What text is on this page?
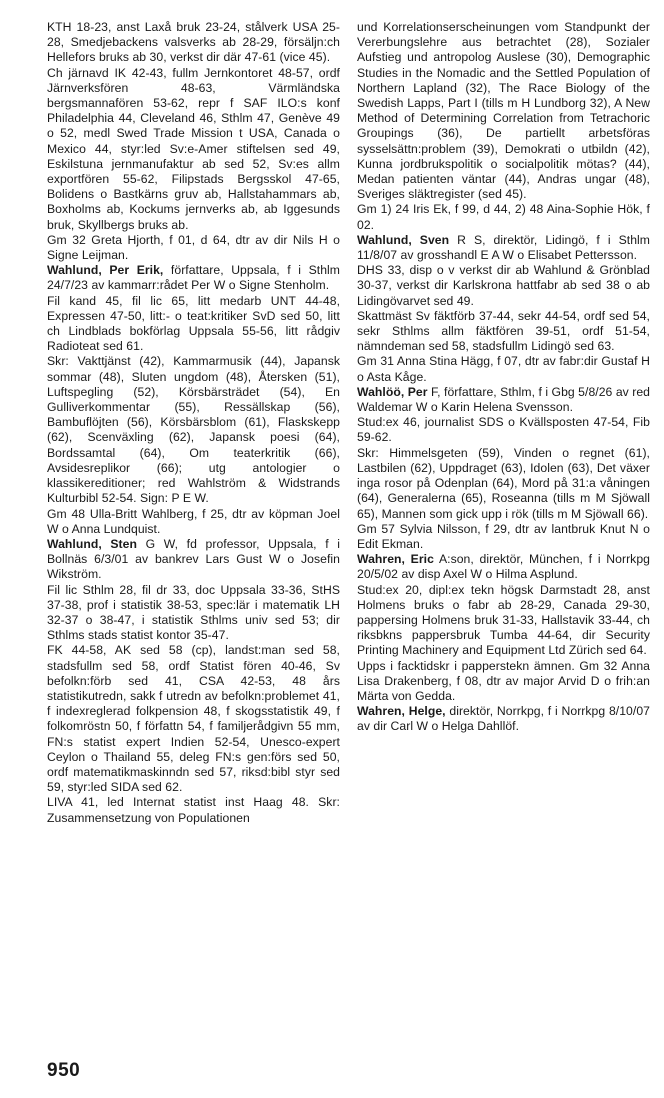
KTH 18-23, anst Laxå bruk 23-24, stålverk USA 25-28, Smedjebackens valsverks ab 28-29, försäljn:ch Hellefors bruks ab 30, verkst dir där 47-61 (vice 45).

Ch järnavd IK 42-43, fullm Jernkontoret 48-57, ordf Järnverksfören 48-63, Värmländska bergsmannafören 53-62, repr f SAF ILO:s konf Philadelphia 44, Cleveland 46, Sthlm 47, Genève 49 o 52, medl Swed Trade Mission t USA, Canada o Mexico 44, styr:led Sv:e-Amer stiftelsen sed 49, Eskilstuna jernmanufaktur ab sed 52, Sv:es allm exportfören 55-62, Filipstads Bergsskol 47-65, Bolidens o Bastkärns gruv ab, Hallstahammars ab, Boxholms ab, Kockums jernverks ab, ab Iggesunds bruk, Skyllbergs bruks ab.

Gm 32 Greta Hjorth, f 01, d 64, dtr av dir Nils H o Signe Leijman.

Wahlund, Per Erik, författare, Uppsala, f i Sthlm 24/7/23 av kammarr:rådet Per W o Signe Stenholm.

Fil kand 45, fil lic 65, litt medarb UNT 44-48, Expressen 47-50, litt:- o teat:kritiker SvD sed 50, litt ch Lindblads bokförlag Uppsala 55-56, litt rådgiv Radioteat sed 61.

Skr: Vakttjänst (42), Kammarmusik (44), Japansk sommar (48), Sluten ungdom (48), Återsken (51), Luftspegling (52), Körsbärsträdet (54), En Gulliverkommentar (55), Ressällskap (56), Bambuflöjten (56), Körsbärsblom (61), Flaskskepp (62), Scenväxling (62), Japansk poesi (64), Bordssamtal (64), Om teaterkritik (66), Avsidesreplikor (66); utg antologier o klassikereditioner; red Wahlström & Widstrands Kulturbibl 52-54. Sign: P E W.

Gm 48 Ulla-Britt Wahlberg, f 25, dtr av köpman Joel W o Anna Lundquist.

Wahlund, Sten G W, fd professor, Uppsala, f i Bollnäs 6/3/01 av bankrev Lars Gust W o Josefin Wikström.

Fil lic Sthlm 28, fil dr 33, doc Uppsala 33-36, StHS 37-38, prof i statistik 38-53, spec:lär i matematik LH 32-37 o 38-47, i statistik Sthlms univ sed 53; dir Sthlms stads statist kontor 35-47.

FK 44-58, AK sed 58 (cp), landst:man sed 58, stadsfullm sed 58, ordf Statist fören 40-46, Sv befolkn:förb sed 41, CSA 42-53, 48 års statistikutredn, sakk f utredn av befolkn:problemet 41, f indexreglerad folkpension 48, f skogsstatistik 49, f folkomröstn 50, f författn 54, f familjerådgivn 55 mm, FN:s statist expert Indien 52-54, Unesco-expert Ceylon o Thailand 55, deleg FN:s gen:förs sed 50, ordf matematikmaskinndn sed 57, riksd:bibl styr sed 59, styr:led SIDA sed 62.

LIVA 41, led Internat statist inst Haag 48. Skr: Zusammensetzung von Populationen

und Korrelationserscheinungen vom Standpunkt der Vererbungslehre aus betrachtet (28), Sozialer Aufstieg und antropolog Auslese (30), Demographic Studies in the Nomadic and the Settled Population of Northern Lapland (32), The Race Biology of the Swedish Lapps, Part I (tills m H Lundborg 32), A New Method of Determining Correlation from Tetrachoric Groupings (36), De partiellt arbetsföras sysselsättn:problem (39), Demokrati o utbildn (42), Kunna jordbrukspolitik o socialpolitik mötas? (44), Medan patienten väntar (44), Andras ungar (48), Sveriges släktregister (sed 45).

Gm 1) 24 Iris Ek, f 99, d 44, 2) 48 Aina-Sophie Hök, f 02.

Wahlund, Sven R S, direktör, Lidingö, f i Sthlm 11/8/07 av grosshandl E A W o Elisabet Pettersson.

DHS 33, disp o v verkst dir ab Wahlund & Grönblad 30-37, verkst dir Karlskrona hattfabr ab sed 38 o ab Lidingövarvet sed 49.

Skattmäst Sv fäktförb 37-44, sekr 44-54, ordf sed 54, sekr Sthlms allm fäktfören 39-51, ordf 51-54, nämndeman sed 58, stadsfullm Lidingö sed 63.

Gm 31 Anna Stina Hägg, f 07, dtr av fabr:dir Gustaf H o Asta Kåge.

Wahlöö, Per F, författare, Sthlm, f i Gbg 5/8/26 av red Waldemar W o Karin Helena Svensson.

Stud:ex 46, journalist SDS o Kvällsposten 47-54, Fib 59-62.

Skr: Himmelsgeten (59), Vinden o regnet (61), Lastbilen (62), Uppdraget (63), Idolen (63), Det växer inga rosor på Odenplan (64), Mord på 31:a våningen (64), Generalerna (65), Roseanna (tills m M Sjöwall 65), Mannen som gick upp i rök (tills m M Sjöwall 66).

Gm 57 Sylvia Nilsson, f 29, dtr av lantbruk Knut N o Edit Ekman.

Wahren, Eric A:son, direktör, München, f i Norrkpg 20/5/02 av disp Axel W o Hilma Asplund.

Stud:ex 20, dipl:ex tekn högsk Darmstadt 28, anst Holmens bruks o fabr ab 28-29, Canada 29-30, pappersing Holmens bruk 31-33, Hallstavik 33-44, ch riksbkns pappersbruk Tumba 44-64, dir Security Printing Machinery and Equipment Ltd Zürich sed 64.

Upps i facktidskr i papperstekn ämnen. Gm 32 Anna Lisa Drakenberg, f 08, dtr av major Arvid D o frih:an Märta von Gedda.

Wahren, Helge, direktör, Norrkpg, f i Norrkpg 8/10/07 av dir Carl W o Helga Dahllöf.

950
